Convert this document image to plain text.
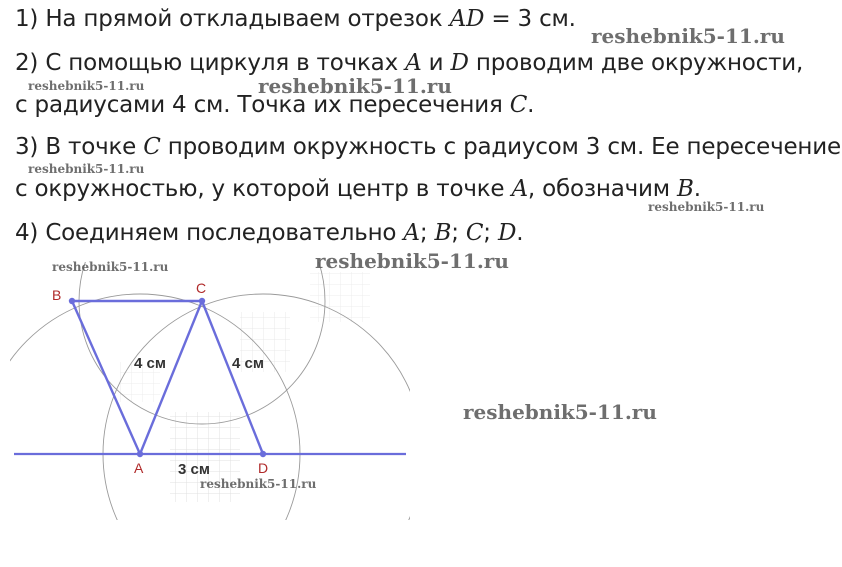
1) На прямой откладываем отрезок AD = 3 см.

2) С помощью циркуля в точках A и D проводим две окружности,

с радиусами 4 см. Точка их пересечения C.

3) В точке C проводим окружность с радиусом 3 см. Ее пересечение

с окружностью, у которой центр в точке A, обозначим B.

4) Соединяем последовательно A; B; C; D.

A
B	C
D
4 см	4 см
3 см
reshebnik5-11.ru
reshebnik5-11.ru
reshebnik5-11.ru
reshebnik5-11.ru
reshebnik5-11.ru
reshebnik5-11.ru	reshebnik5-11.ru
reshebnik5-11.ru
reshebnik5-11.ru
